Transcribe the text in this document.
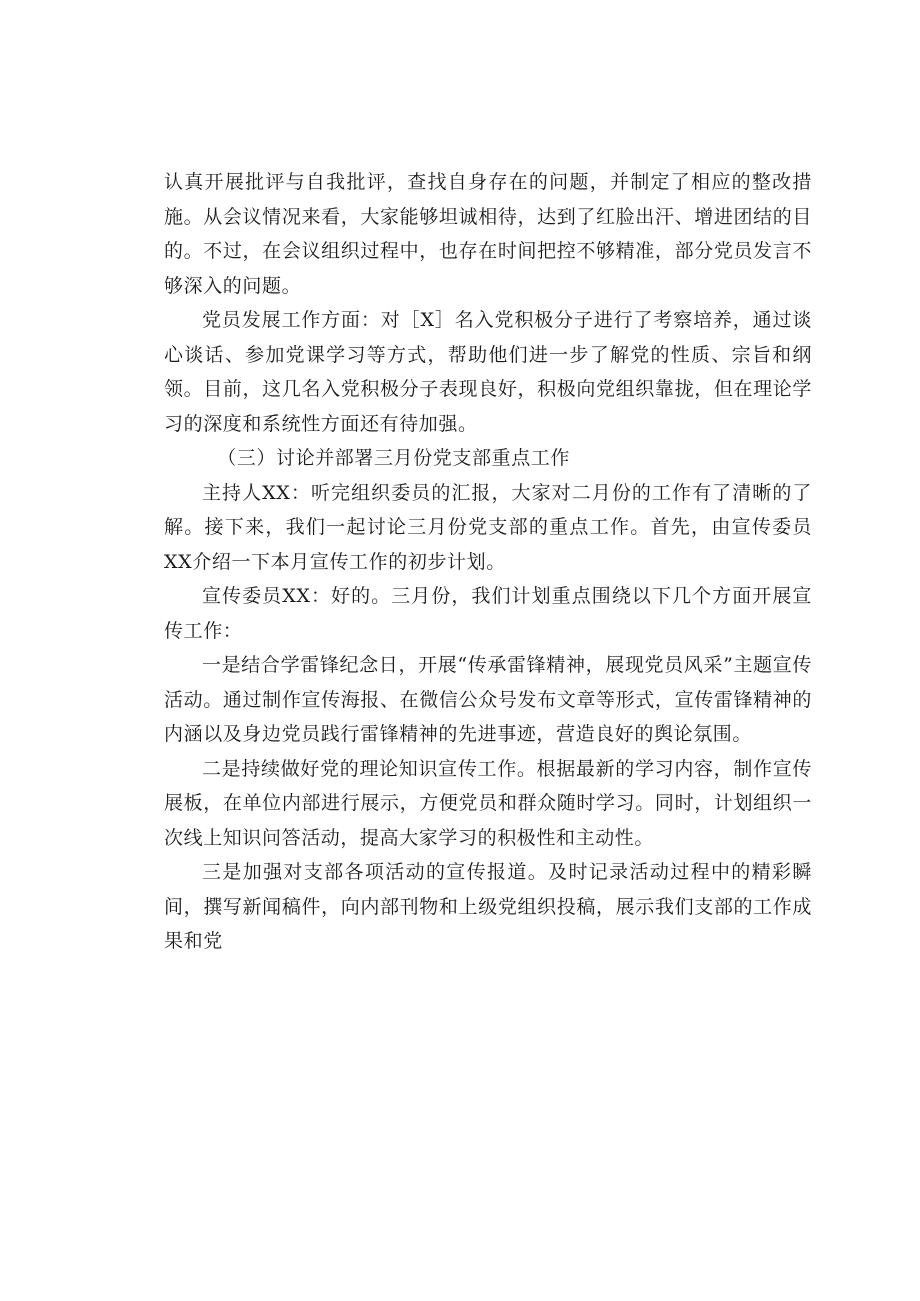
认真开展批评与自我批评，查找自身存在的问题，并制定了相应的整改措施。从会议情况来看，大家能够坦诚相待，达到了红脸出汗、增进团结的目的。不过，在会议组织过程中，也存在时间把控不够精准，部分党员发言不够深入的问题。

党员发展工作方面：对［X］名入党积极分子进行了考察培养，通过谈心谈话、参加党课学习等方式，帮助他们进一步了解党的性质、宗旨和纲领。目前，这几名入党积极分子表现良好，积极向党组织靠拢，但在理论学习的深度和系统性方面还有待加强。

（三）讨论并部署三月份党支部重点工作

主持人XX：听完组织委员的汇报，大家对二月份的工作有了清晰的了解。接下来，我们一起讨论三月份党支部的重点工作。首先，由宣传委员XX介绍一下本月宣传工作的初步计划。

宣传委员XX：好的。三月份，我们计划重点围绕以下几个方面开展宣传工作：

一是结合学雷锋纪念日，开展“传承雷锋精神，展现党员风采”主题宣传活动。通过制作宣传海报、在微信公众号发布文章等形式，宣传雷锋精神的内涵以及身边党员践行雷锋精神的先进事迹，营造良好的舆论氛围。

二是持续做好党的理论知识宣传工作。根据最新的学习内容，制作宣传展板，在单位内部进行展示，方便党员和群众随时学习。同时，计划组织一次线上知识问答活动，提高大家学习的积极性和主动性。

三是加强对支部各项活动的宣传报道。及时记录活动过程中的精彩瞬间，撰写新闻稿件，向内部刊物和上级党组织投稿，展示我们支部的工作成果和党
